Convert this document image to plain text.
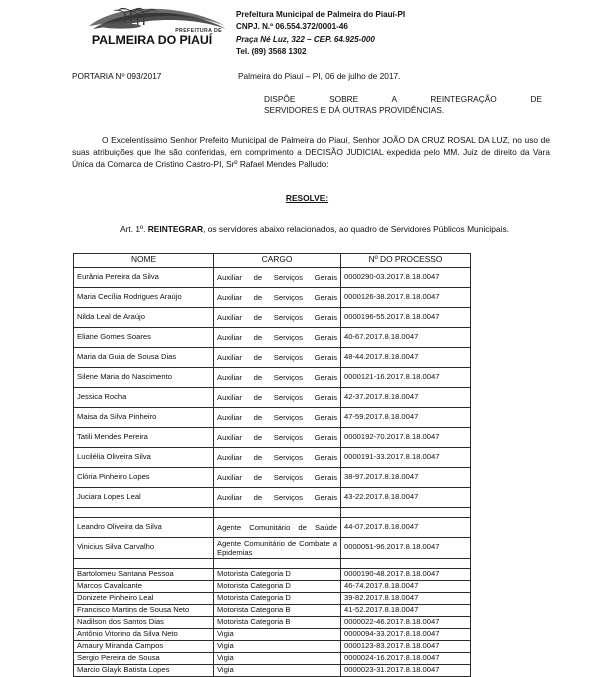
PREFEITURA DE
PALMEIRA DO PIAUÍ
Prefeitura Municipal de Palmeira do Piauí-PI
CNPJ. N.º 06.554.372/0001-46
Praça Né Luz, 322 – CEP. 64.925-000
Tel. (89) 3568 1302
PORTARIA Nº 093/2017	Palmeira do Piauí – PI, 06 de julho de 2017.
DISPÕE SOBRE A REINTEGRAÇÃO DE
SERVIDORES E DÁ OUTRAS PROVIDÊNCIAS.

O Excelentíssimo Senhor Prefeito Municipal de Palmeira do Piauí, Senhor JOÃO DA CRUZ ROSAL DA LUZ, no uso de suas atribuições que lhe são conferidas, em comprimento a DECISÃO JUDICIAL expedida pelo MM. Juiz de direito da Vara Única da Comarca de Cristino Castro-PI, Srº Rafael Mendes Palludo:

RESOLVE:

Art. 1º. REINTEGRAR, os servidores abaixo relacionados, ao quadro de Servidores Públicos Municipais.

NOME	CARGO	Nº DO PROCESSO
Eurânia Pereira da Silva	Auxiliar de Serviços Gerais	0000290-03.2017.8.18.0047
Maria Cecília Rodrigues Araújo	Auxiliar de Serviços Gerais	0000126-38.2017.8.18.0047
Nilda Leal de Araújo	Auxiliar de Serviços Gerais	0000196-55.2017.8.18.0047
Eliane Gomes Soares	Auxiliar de Serviços Gerais	40-67.2017.8.18.0047
Maria da Guia de Sousa Dias	Auxiliar de Serviços Gerais	48-44.2017.8.18.0047
Silene Maria do Nascimento	Auxiliar de Serviços Gerais	0000121-16.2017.8.18.0047
Jessica Rocha	Auxiliar de Serviços Gerais	42-37.2017.8.18.0047
Maisa da Silva Pinheiro	Auxiliar de Serviços Gerais	47-59.2017.8.18.0047
Tatili Mendes Pereira	Auxiliar de Serviços Gerais	0000192-70.2017.8.18.0047
Lucilélia Oliveira Silva	Auxiliar de Serviços Gerais	0000191-33.2017.8.18.0047
Clória Pinheiro Lopes	Auxiliar de Serviços Gerais	38-97.2017.8.18.0047
Juciara Lopes Leal	Auxiliar de Serviços Gerais	43-22.2017.8.18.0047

Leandro Oliveira da Silva	Agente Comunitário de Saúde	44-07.2017.8.18.0047
Vinicius Silva Carvalho	Agente Comunitário de Combate a Epidemias	0000051-96.2017.8.18.0047

Bartolomeu Santana Pessoa	Motorista Categoria D	0000190-48.2017.8.18.0047
Marcos Cavalcante	Motorista Categoria D	46-74.2017.8.18.0047
Donizete Pinheiro Leal	Motorista Categoria D	39-82.2017.8.18.0047
Francisco Martins de Sousa Neto	Motorista Categoria B	41-52.2017.8.18.0047
Nadilson dos Santos Dias	Motorista Categoria B	0000022-46.2017.8.18.0047
Antônio Vitorino da Silva Neto	Vigia	0000094-33.2017.8.18.0047
Amaury Miranda Campos	Vigia	0000123-83.2017.8.18.0047
Sergio Pereira de Sousa	Vigia	0000024-16.2017.8.18.0047
Marcio Glayk Batista Lopes	Vigia	0000023-31.2017.8.18.0047
